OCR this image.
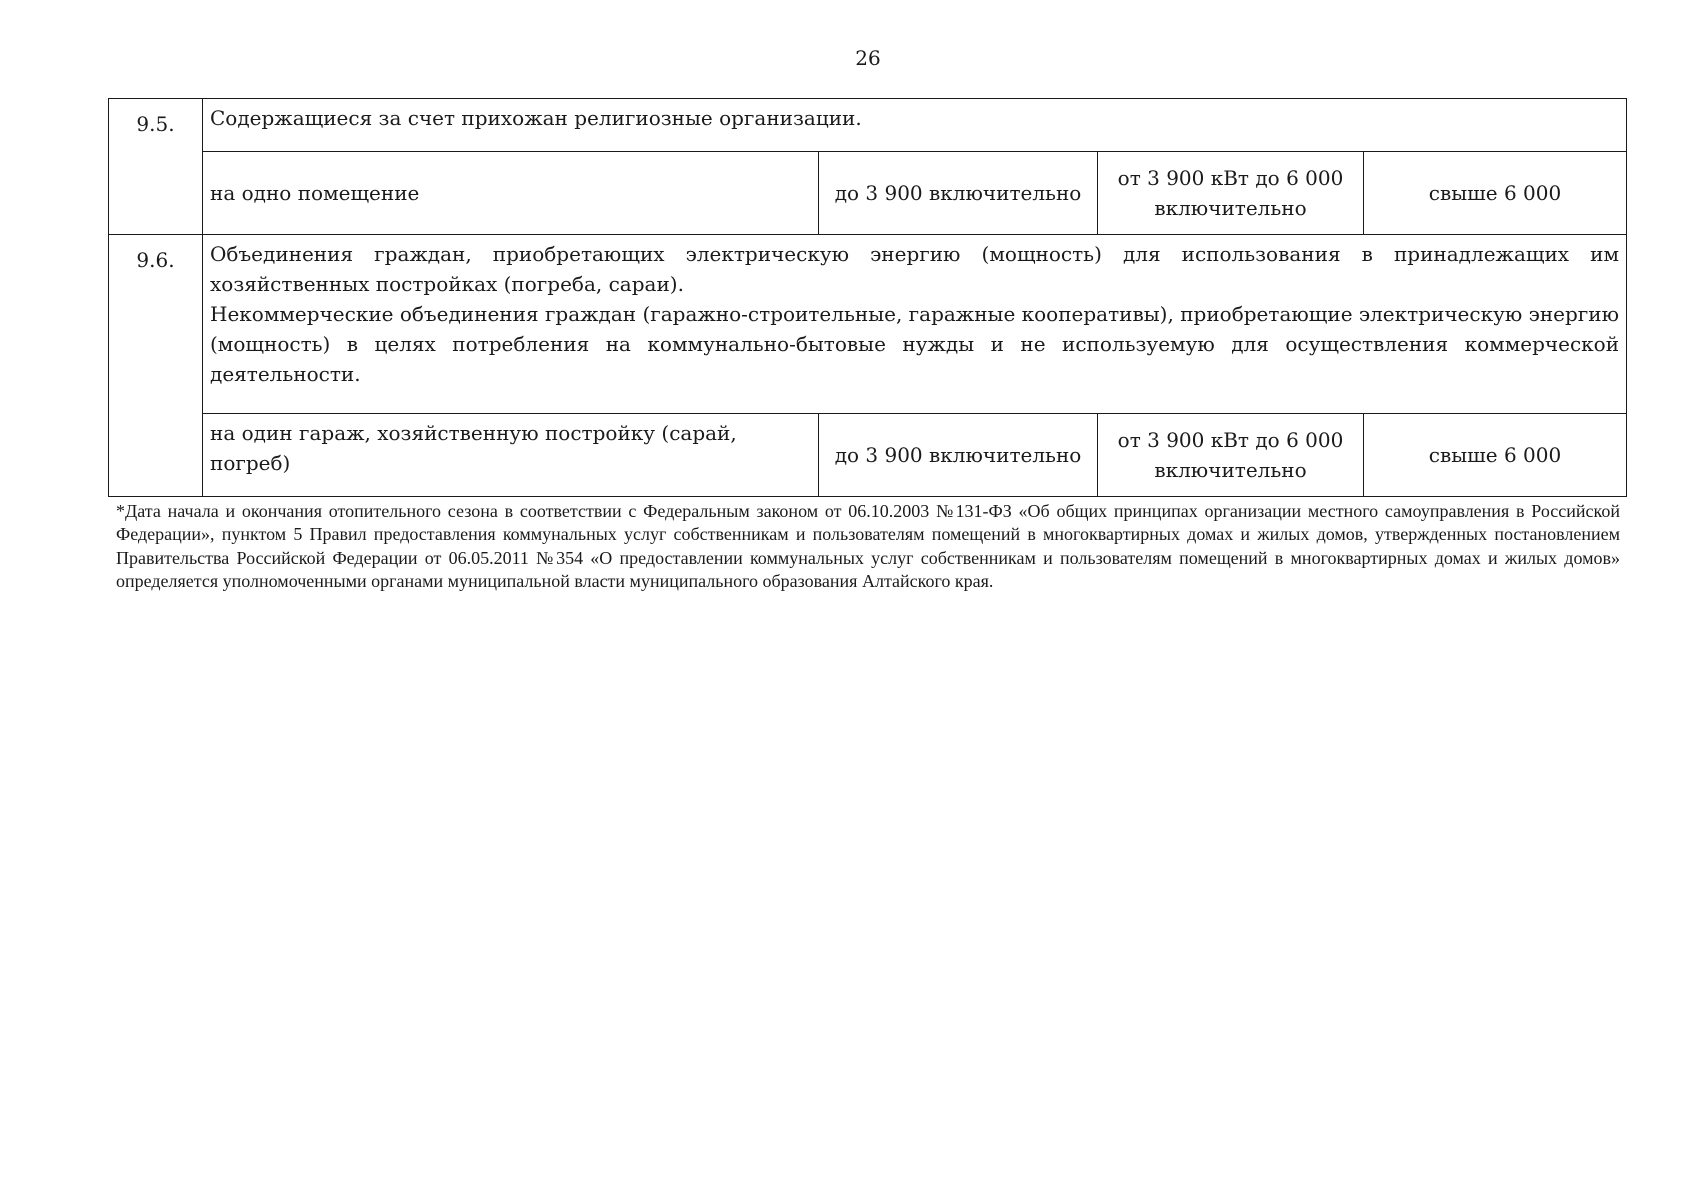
26
9.5.	Содержащиеся за счет прихожан религиозные организации.			
	на одно помещение	до 3 900 включительно	от 3 900 кВт до 6 000 включительно	свыше 6 000
9.6.	Объединения граждан, приобретающих электрическую энергию (мощность) для использования в принадлежащих им хозяйственных постройках (погреба, сараи).
Некоммерческие объединения граждан (гаражно-строительные, гаражные кооперативы), приобретающие электрическую энергию (мощность) в целях потребления на коммунально-бытовые нужды и не используемую для осуществления коммерческой деятельности.			

	на один гараж, хозяйственную постройку (сарай, погреб)	до 3 900 включительно	от 3 900 кВт до 6 000 включительно	свыше 6 000
*Дата начала и окончания отопительного сезона в соответствии с Федеральным законом от 06.10.2003 №131-ФЗ «Об общих принципах организации местного самоуправления в Российской Федерации», пунктом 5 Правил предоставления коммунальных услуг собственникам и пользователям помещений в многоквартирных домах и жилых домов, утвержденных постановлением Правительства Российской Федерации от 06.05.2011 №354 «О предоставлении коммунальных услуг собственникам и пользователям помещений в многоквартирных домах и жилых домов» определяется уполномоченными органами муниципальной власти муниципального образования Алтайского края.
